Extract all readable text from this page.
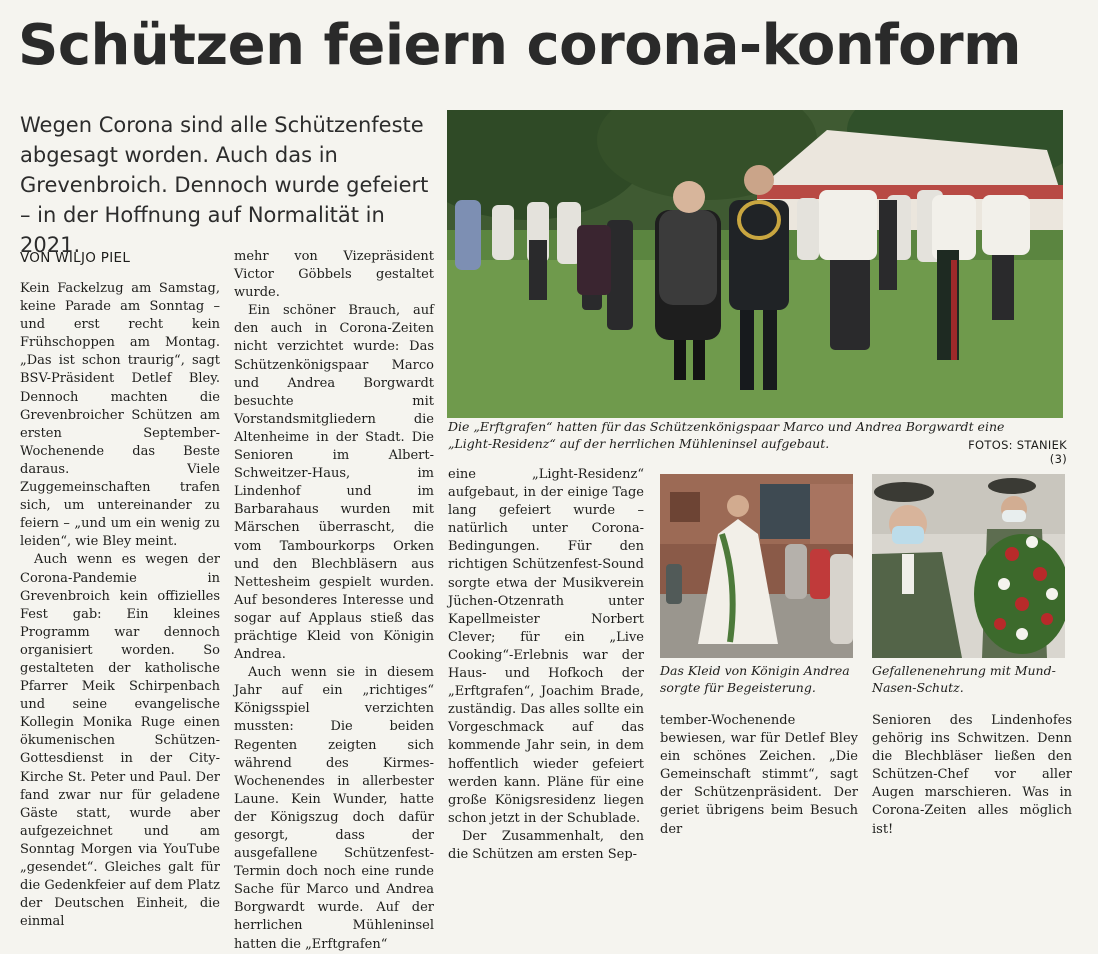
Schützen feiern corona-konform
Wegen Corona sind alle Schützenfeste abgesagt worden. Auch das in Grevenbroich. Dennoch wurde gefeiert – in der Hoffnung auf Normalität in 2021.
VON WILJO PIEL

Kein Fackelzug am Samstag, keine Parade am Sonntag – und erst recht kein Frühschoppen am Montag. „Das ist schon traurig“, sagt BSV-Präsident Detlef Bley. Dennoch machten die Grevenbroicher Schützen am ersten September-Wochenende das Beste daraus. Viele Zuggemeinschaften trafen sich, um untereinander zu feiern – „und um ein wenig zu leiden“, wie Bley meint.

Auch wenn es wegen der Corona-Pandemie in Grevenbroich kein offizielles Fest gab: Ein kleines Programm war dennoch organisiert worden. So gestalteten der katholische Pfarrer Meik Schirpenbach und seine evangelische Kollegin Monika Ruge einen ökumenischen Schützen-Gottesdienst in der City-Kirche St. Peter und Paul. Der fand zwar nur für geladene Gäste statt, wurde aber aufgezeichnet und am Sonntag Morgen via YouTube „gesendet“. Gleiches galt für die Gedenkfeier auf dem Platz der Deutschen Einheit, die einmal

mehr von Vizepräsident Victor Göbbels gestaltet wurde.

Ein schöner Brauch, auf den auch in Corona-Zeiten nicht verzichtet wurde: Das Schützenkönigspaar Marco und Andrea Borgwardt besuchte mit Vorstandsmitgliedern die Altenheime in der Stadt. Die Senioren im Albert-Schweitzer-Haus, im Lindenhof und im Barbarahaus wurden mit Märschen überrascht, die vom Tambourkorps Orken und den Blechbläsern aus Nettesheim gespielt wurden. Auf besonderes Interesse und sogar auf Applaus stieß das prächtige Kleid von Königin Andrea.

Auch wenn sie in diesem Jahr auf ein „richtiges“ Königsspiel verzichten mussten: Die beiden Regenten zeigten sich während des Kirmes-Wochenendes in allerbester Laune. Kein Wunder, hatte der Königszug doch dafür gesorgt, dass der ausgefallene Schützenfest-Termin doch noch eine runde Sache für Marco und Andrea Borgwardt wurde. Auf der herrlichen Mühleninsel hatten die „Erftgrafen“

eine „Light-Residenz“ aufgebaut, in der einige Tage lang gefeiert wurde – natürlich unter Corona-Bedingungen. Für den richtigen Schützenfest-Sound sorgte etwa der Musikverein Jüchen-Otzenrath unter Kapellmeister Norbert Clever; für ein „Live Cooking“-Erlebnis war der Haus- und Hofkoch der „Erftgrafen“, Joachim Brade, zuständig. Das alles sollte ein Vorgeschmack auf das kommende Jahr sein, in dem hoffentlich wieder gefeiert werden kann. Pläne für eine große Königsresidenz liegen schon jetzt in der Schublade.

Der Zusammenhalt, den die Schützen am ersten Sep-

tember-Wochenende bewiesen, war für Detlef Bley ein schönes Zeichen. „Die Gemeinschaft stimmt“, sagt der Schützenpräsident. Der geriet übrigens beim Besuch der

Senioren des Lindenhofes gehörig ins Schwitzen. Denn die Blechbläser ließen den Schützen-Chef vor aller Augen marschieren. Was in Corona-Zeiten alles möglich ist!

Die „Erftgrafen“ hatten für das Schützenkönigspaar Marco und Andrea Borgwardt eine „Light-Residenz“ auf der herrlichen Mühleninsel aufgebaut.	FOTOS: STANIEK (3)
Das Kleid von Königin Andrea sorgte für Begeisterung.
Gefallenenehrung mit Mund-Nasen-Schutz.
